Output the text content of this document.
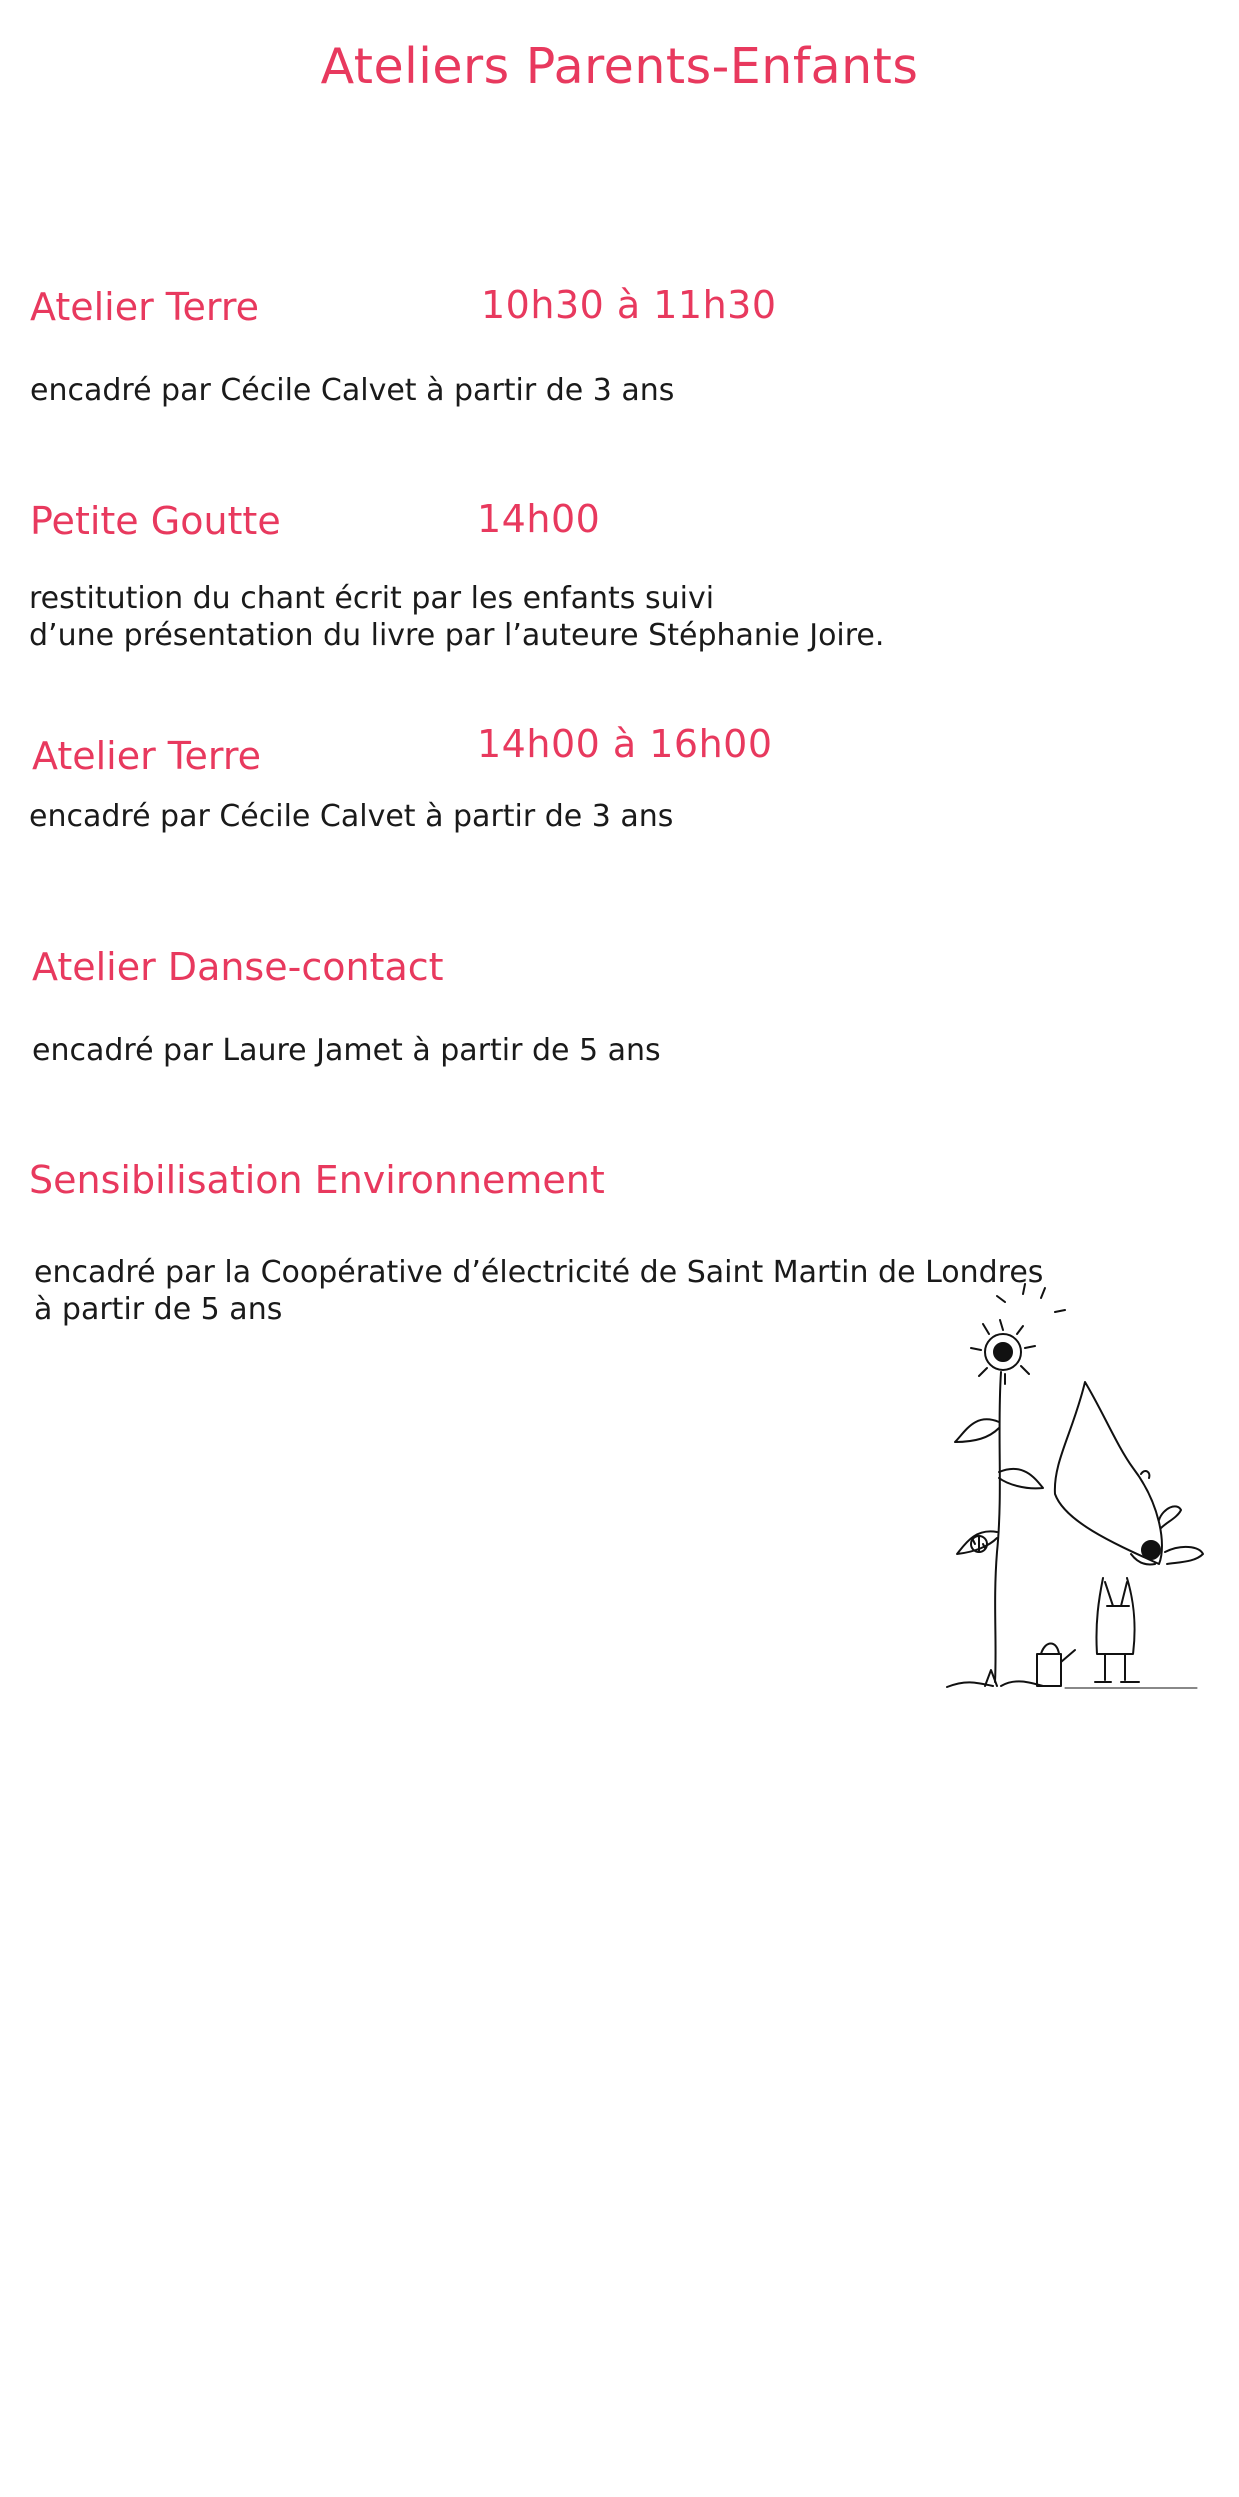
Ateliers Parents-Enfants
Atelier Terre	10h30 à 11h30
encadré par Cécile Calvet à partir de 3 ans
Petite Goutte	14h00
restitution du chant écrit par les enfants suivi
d’une présentation du livre par l’auteure Stéphanie Joire.
Atelier Terre	14h00 à 16h00
encadré par Cécile Calvet à partir de 3 ans
Atelier Danse-contact
encadré par Laure Jamet à partir de 5 ans
Sensibilisation Environnement
encadré par la Coopérative d’électricité de Saint Martin de Londres
à partir de 5 ans
